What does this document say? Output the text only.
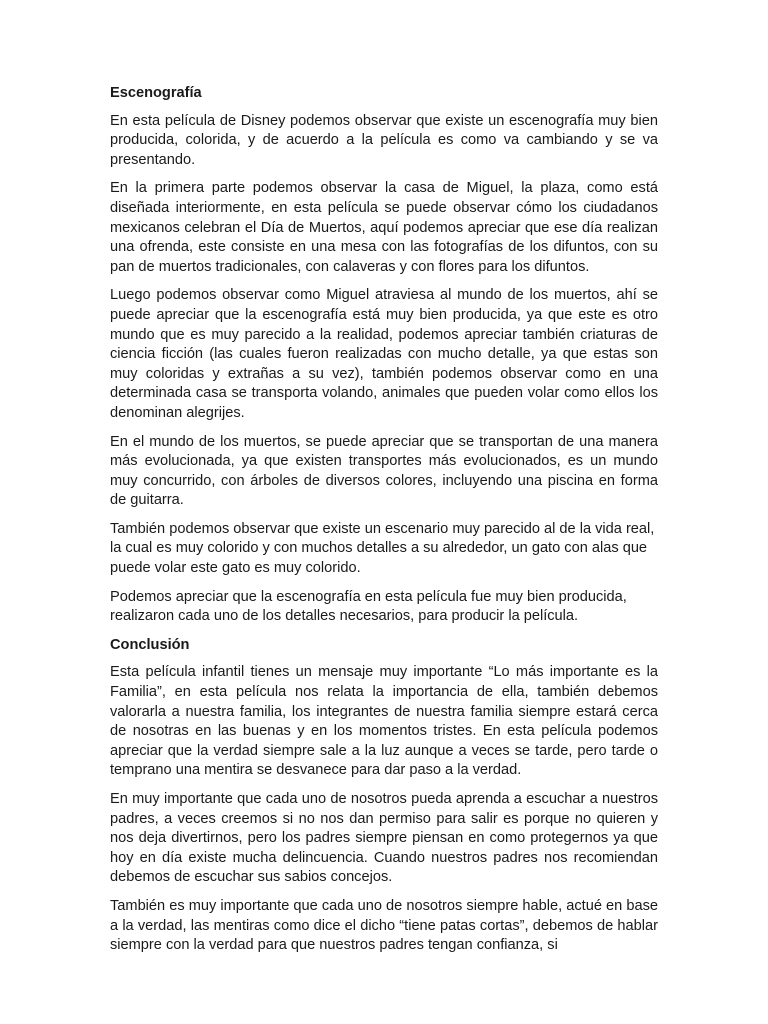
Escenografía

En esta película de Disney podemos observar que existe un escenografía muy bien producida, colorida, y de acuerdo a la película es como va cambiando y se va presentando.

En la primera parte podemos observar la casa de Miguel, la plaza, como está diseñada interiormente, en esta película se puede observar cómo los ciudadanos mexicanos celebran el Día de Muertos, aquí podemos apreciar que ese día realizan una ofrenda, este consiste en una mesa con las fotografías de los difuntos, con su pan de muertos tradicionales, con calaveras y con flores para los difuntos.

Luego podemos observar como Miguel atraviesa al mundo de los muertos, ahí se puede apreciar que la escenografía está muy bien producida, ya que este es otro mundo que es muy parecido a la realidad, podemos apreciar también criaturas de ciencia ficción (las cuales fueron realizadas con mucho detalle, ya que estas son muy coloridas y extrañas a su vez), también podemos observar como en una determinada casa se transporta volando, animales que pueden volar como ellos los denominan alegrijes.

En el mundo de los muertos, se puede apreciar que se transportan de una manera más evolucionada, ya que existen transportes más evolucionados, es un mundo muy concurrido, con árboles de diversos colores, incluyendo una piscina en forma de guitarra.

También podemos observar que existe un escenario muy parecido al de la vida real, la cual es muy colorido y con muchos detalles a su alrededor, un gato con alas que puede volar este gato es muy colorido.

Podemos apreciar que la escenografía en esta película fue muy bien producida, realizaron cada uno de los detalles necesarios, para producir la película.

Conclusión

Esta película infantil tienes un mensaje muy importante “Lo más importante es la Familia”, en esta película nos relata la importancia de ella, también debemos valorarla a nuestra familia, los integrantes de nuestra familia siempre estará cerca de nosotras en las buenas y en los momentos tristes. En esta película podemos apreciar que la verdad siempre sale a la luz aunque a veces se tarde, pero tarde o temprano una mentira se desvanece para dar paso a la verdad.

En muy importante que cada uno de nosotros pueda aprenda a escuchar a nuestros padres, a veces creemos si no nos dan permiso para salir es porque no quieren y nos deja divertirnos, pero los padres siempre piensan en como protegernos ya que hoy en día existe mucha delincuencia. Cuando nuestros padres nos recomiendan debemos de escuchar sus sabios concejos.

También es muy importante que cada uno de nosotros siempre hable, actué en base a la verdad, las mentiras como dice el dicho “tiene patas cortas”, debemos de hablar siempre con la verdad para que nuestros padres tengan confianza, si
